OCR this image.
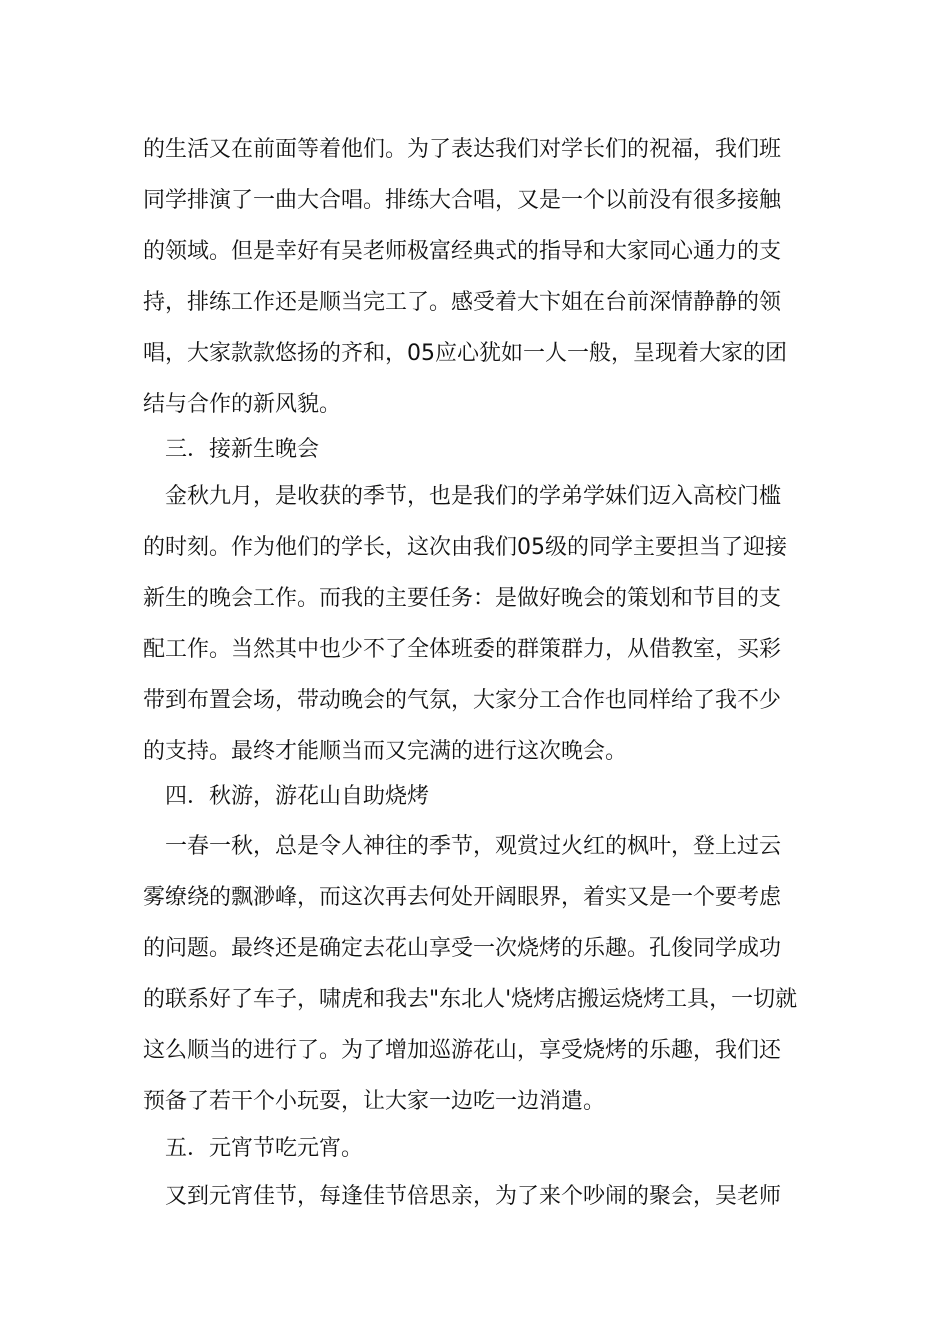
的生活又在前面等着他们。为了表达我们对学长们的祝福，我们班

同学排演了一曲大合唱。排练大合唱，又是一个以前没有很多接触

的领域。但是幸好有吴老师极富经典式的指导和大家同心通力的支

持，排练工作还是顺当完工了。感受着大卞姐在台前深情静静的领

唱，大家款款悠扬的齐和，05应心犹如一人一般，呈现着大家的团

结与合作的新风貌。

三．接新生晚会

金秋九月，是收获的季节，也是我们的学弟学妹们迈入高校门槛

的时刻。作为他们的学长，这次由我们05级的同学主要担当了迎接

新生的晚会工作。而我的主要任务：是做好晚会的策划和节目的支

配工作。当然其中也少不了全体班委的群策群力，从借教室，买彩

带到布置会场，带动晚会的气氛，大家分工合作也同样给了我不少

的支持。最终才能顺当而又完满的进行这次晚会。

四．秋游，游花山自助烧烤

一春一秋，总是令人神往的季节，观赏过火红的枫叶，登上过云

雾缭绕的飘渺峰，而这次再去何处开阔眼界，着实又是一个要考虑

的问题。最终还是确定去花山享受一次烧烤的乐趣。孔俊同学成功

的联系好了车子，啸虎和我去"东北人'烧烤店搬运烧烤工具，一切就

这么顺当的进行了。为了增加巡游花山，享受烧烤的乐趣，我们还

预备了若干个小玩耍，让大家一边吃一边消遣。

五．元宵节吃元宵。

又到元宵佳节，每逢佳节倍思亲，为了来个吵闹的聚会，吴老师
